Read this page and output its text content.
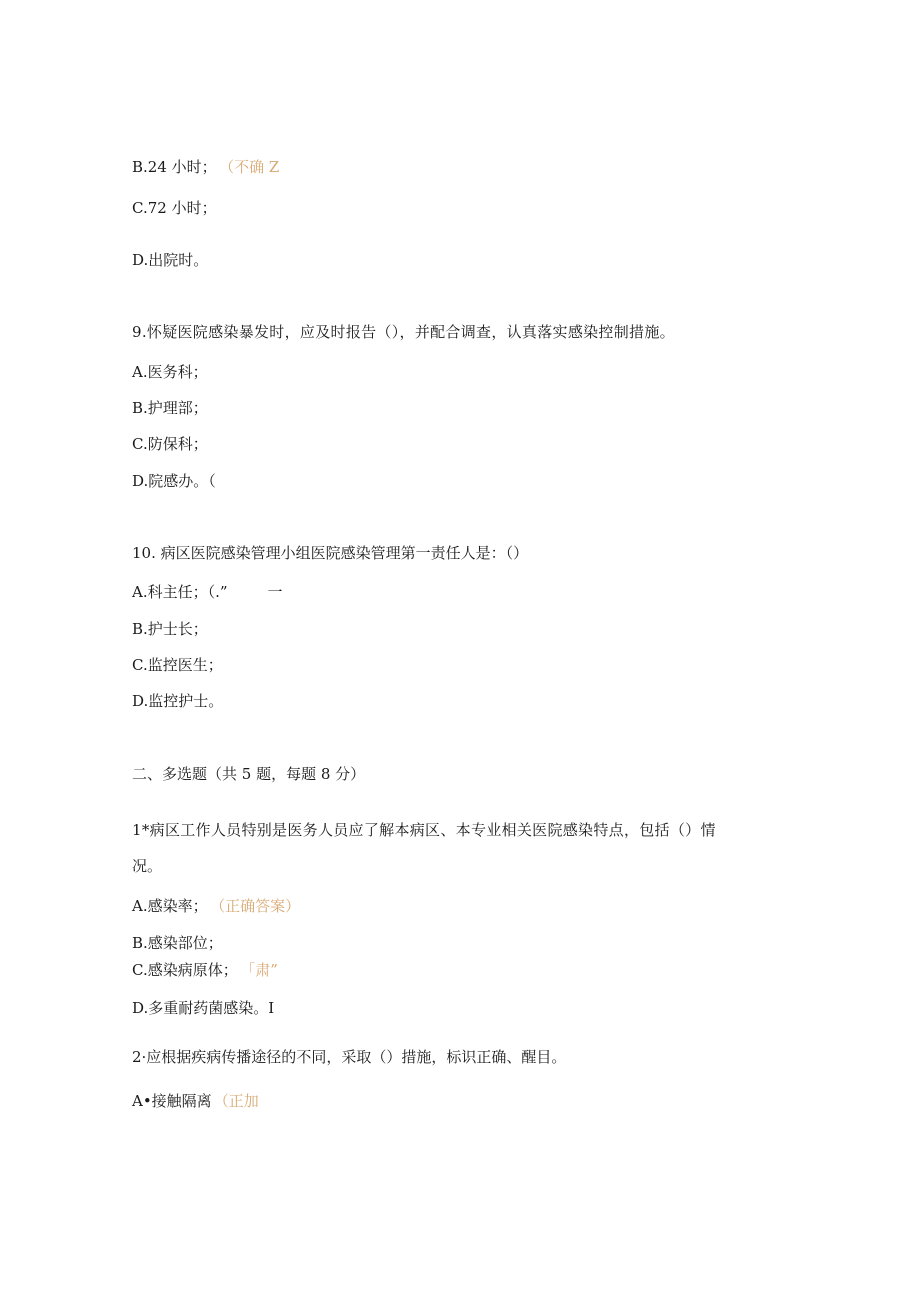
B.24 小时； （不确 Z
C.72 小时；
D.出院时。
9.怀疑医院感染暴发时，应及时报告（），并配合调查，认真落实感染控制措施。
A.医务科；
B.护理部；
C.防保科；
D.院感办。（
10. 病区医院感染管理小组医院感染管理第一责任人是：（）
A.科主任；（.”	一
B.护士长；
C.监控医生；
D.监控护士。
二、多选题（共 5 题，每题 8 分）
1*病区工作人员特别是医务人员应了解本病区、本专业相关医院感染特点，包括（）情
况。
A.感染率； （正确答案）
B.感染部位；
C.感染病原体； 「肃”
D.多重耐药菌感染。I
2·应根据疾病传播途径的不同，采取（）措施，标识正确、醒目。
A•接触隔离 （正加
